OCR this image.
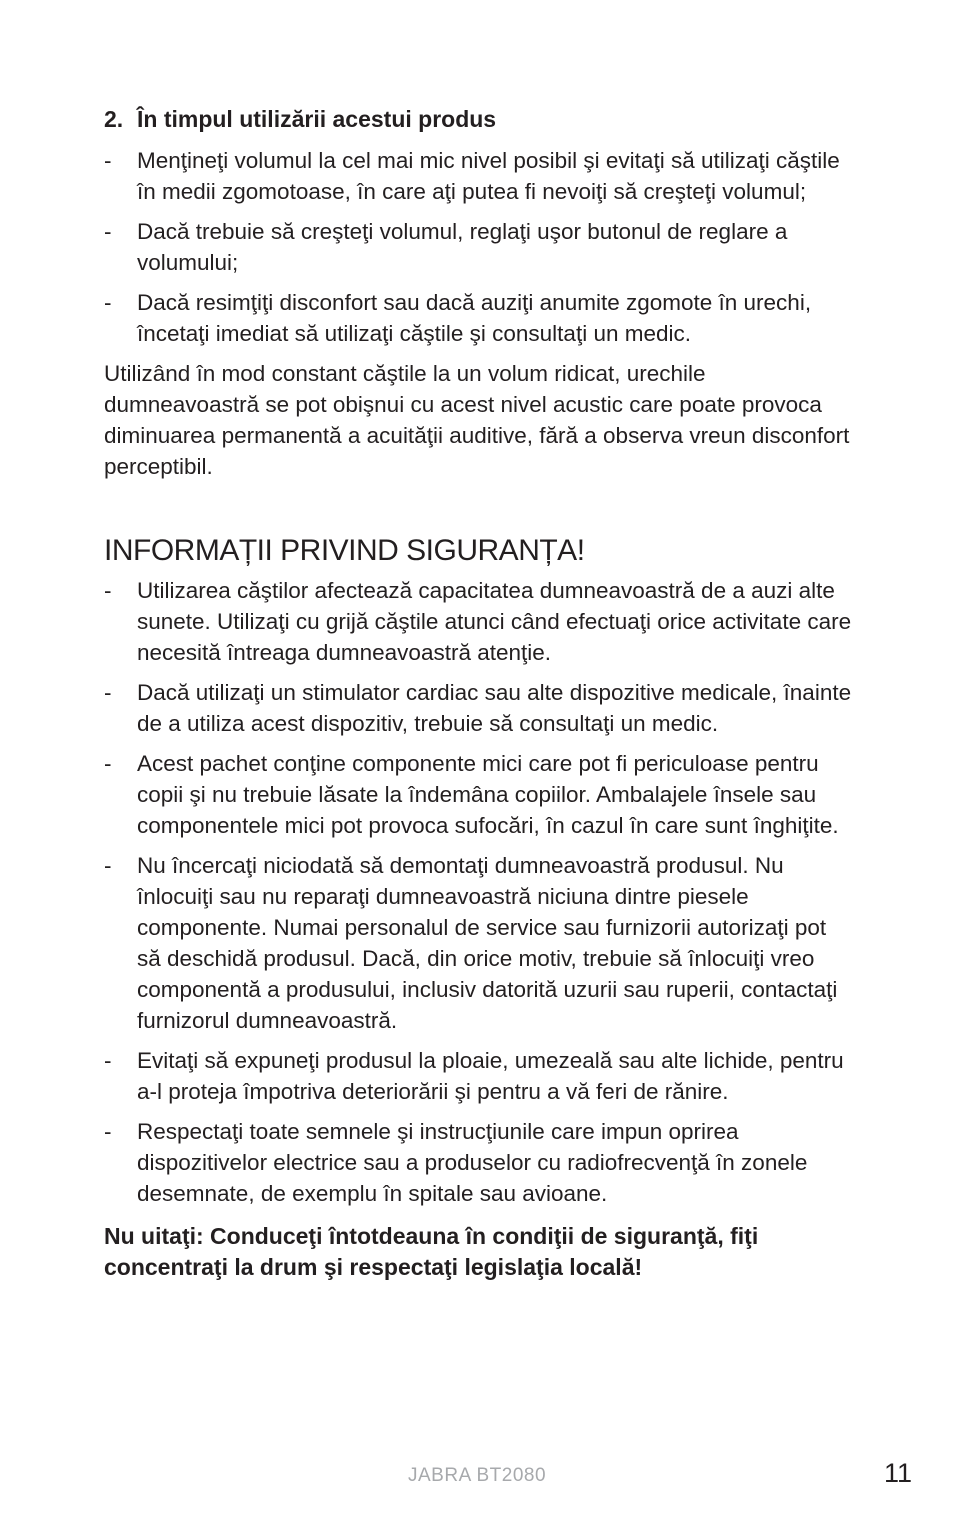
2. În timpul utilizării acestui produs
- Menţineţi volumul la cel mai mic nivel posibil şi evitaţi să utilizaţi căştile în medii zgomotoase, în care aţi putea fi nevoiţi să creşteţi volumul;
- Dacă trebuie să creşteţi volumul, reglaţi uşor butonul de reglare a volumului;
- Dacă resimţiţi disconfort sau dacă auziţi anumite zgomote în urechi, încetaţi imediat să utilizaţi căştile şi consultaţi un medic.

Utilizând în mod constant căştile la un volum ridicat, urechile dumneavoastră se pot obişnui cu acest nivel acustic care poate provoca diminuarea permanentă a acuităţii auditive, fără a observa vreun disconfort perceptibil.

INFORMAȚII PRIVIND SIGURANȚA!
- Utilizarea căştilor afectează capacitatea dumneavoastră de a auzi alte sunete. Utilizaţi cu grijă căştile atunci când efectuaţi orice activitate care necesită întreaga dumneavoastră atenţie.
- Dacă utilizaţi un stimulator cardiac sau alte dispozitive medicale, înainte de a utiliza acest dispozitiv, trebuie să consultaţi un medic.
- Acest pachet conţine componente mici care pot fi periculoase pentru copii şi nu trebuie lăsate la îndemâna copiilor. Ambalajele însele sau componentele mici pot provoca sufocări, în cazul în care sunt înghiţite.
- Nu încercaţi niciodată să demontaţi dumneavoastră produsul. Nu înlocuiţi sau nu reparaţi dumneavoastră niciuna dintre piesele componente. Numai personalul de service sau furnizorii autorizaţi pot să deschidă produsul. Dacă, din orice motiv, trebuie să înlocuiţi vreo componentă a produsului, inclusiv datorită uzurii sau ruperii, contactaţi furnizorul dumneavoastră.
- Evitaţi să expuneţi produsul la ploaie, umezeală sau alte lichide, pentru a-l proteja împotriva deteriorării şi pentru a vă feri de rănire.
- Respectaţi toate semnele şi instrucţiunile care impun oprirea dispozitivelor electrice sau a produselor cu radiofrecvenţă în zonele desemnate, de exemplu în spitale sau avioane.

Nu uitaţi: Conduceţi întotdeauna în condiţii de siguranţă, fiţi concentraţi la drum şi respectaţi legislaţia locală!

JABRA BT2080	11
